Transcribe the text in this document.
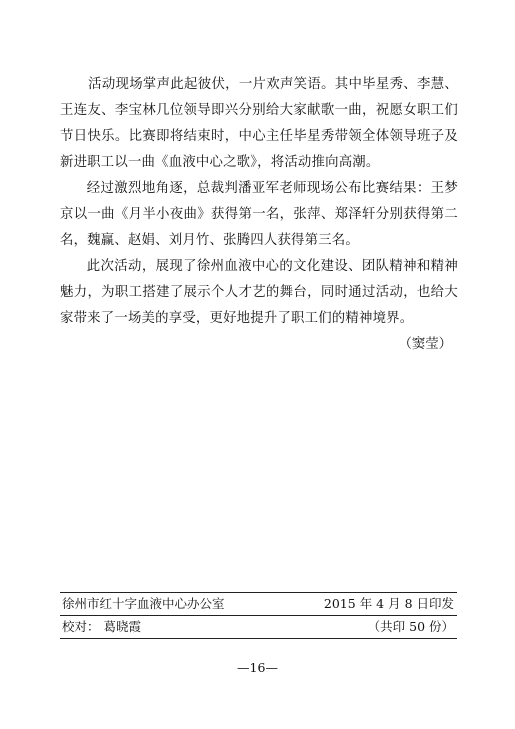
活动现场掌声此起彼伏，一片欢声笑语。其中毕星秀、李慧、王连友、李宝林几位领导即兴分别给大家献歌一曲，祝愿女职工们节日快乐。比赛即将结束时，中心主任毕星秀带领全体领导班子及新进职工以一曲《血液中心之歌》，将活动推向高潮。

经过激烈地角逐，总裁判潘亚军老师现场公布比赛结果：王梦京以一曲《月半小夜曲》获得第一名，张萍、郑泽轩分别获得第二名，魏赢、赵娟、刘月竹、张腾四人获得第三名。

此次活动，展现了徐州血液中心的文化建设、团队精神和精神魅力，为职工搭建了展示个人才艺的舞台，同时通过活动，也给大家带来了一场美的享受，更好地提升了职工们的精神境界。

（窦莹）

徐州市红十字血液中心办公室	2015 年 4 月 8 日印发
校对： 葛晓霞	（共印 50 份）
—16—
